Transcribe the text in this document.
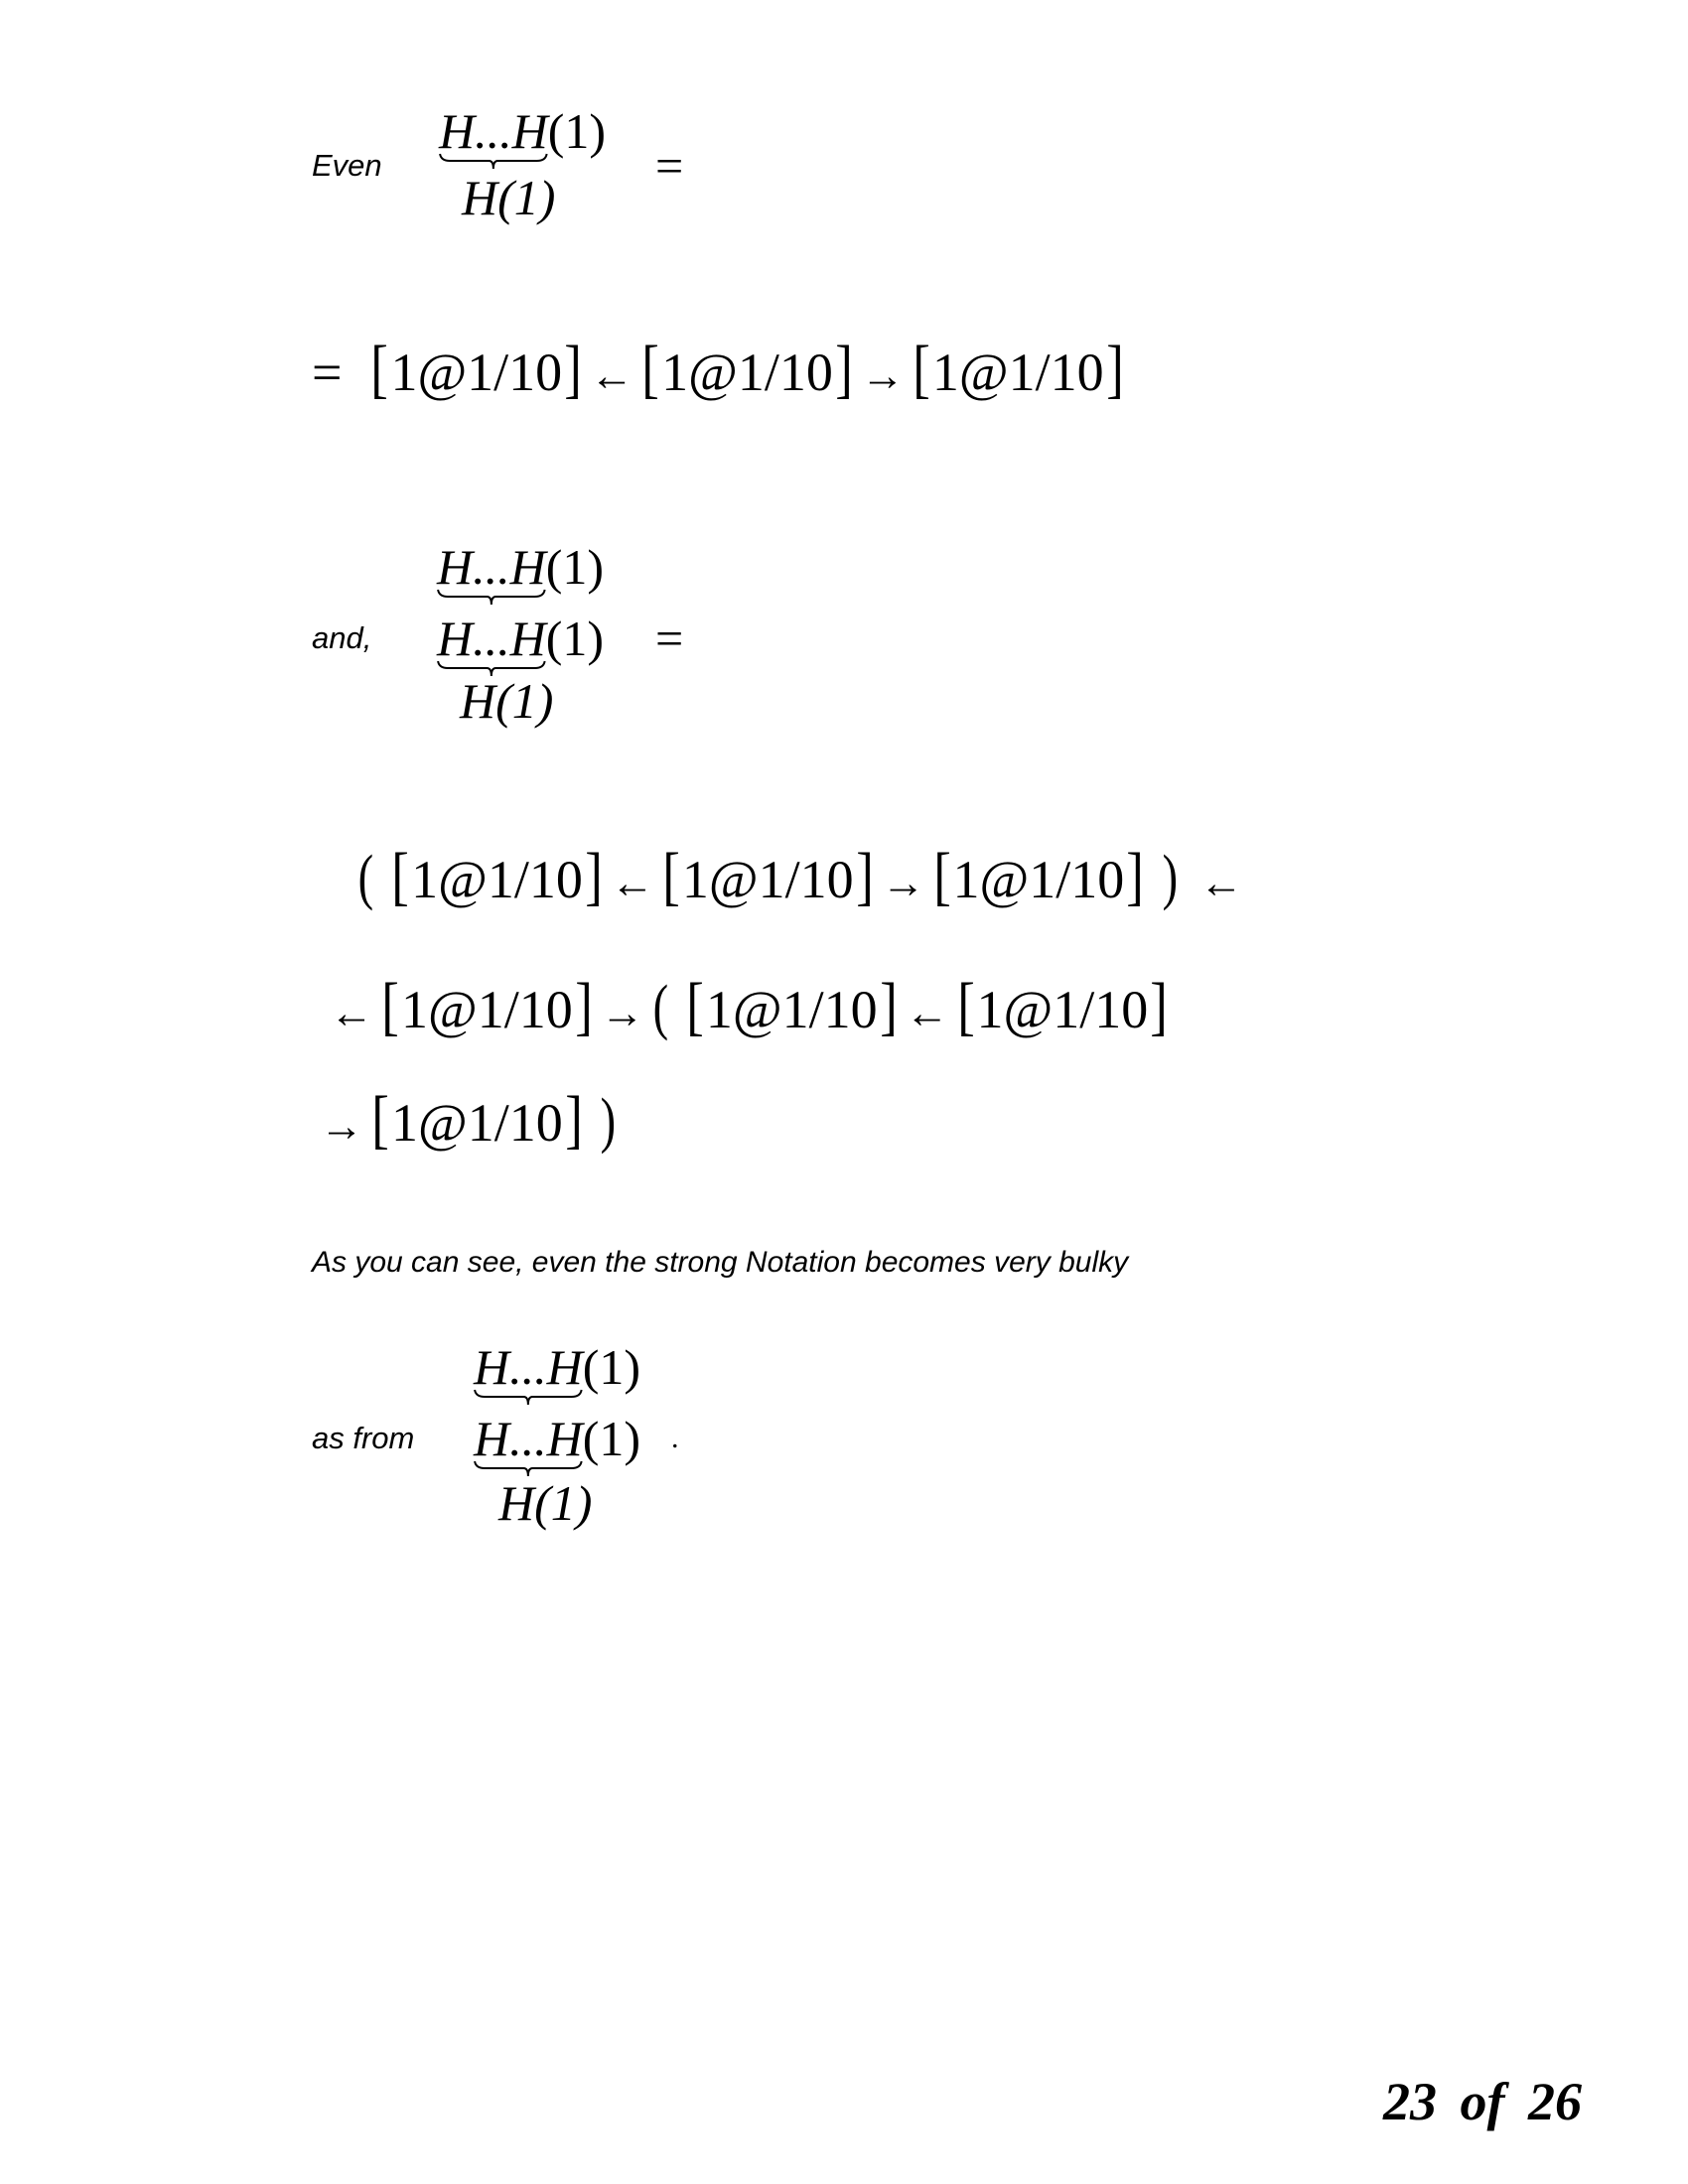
Even
H...H
(1)
H(1)
=
= [1@1/10] ← [1@1/10] → [1@1/10]
and,
H...H
(1)
H...H
(1)
H(1)
=
( [1@1/10] ← [1@1/10] → [1@1/10] ) ←
← [1@1/10] → ( [1@1/10] ← [1@1/10]
→ [1@1/10] )
As you can see, even the strong Notation becomes very bulky
as from
H...H
(1)
H...H
(1)
H(1)
.
23 of 26
